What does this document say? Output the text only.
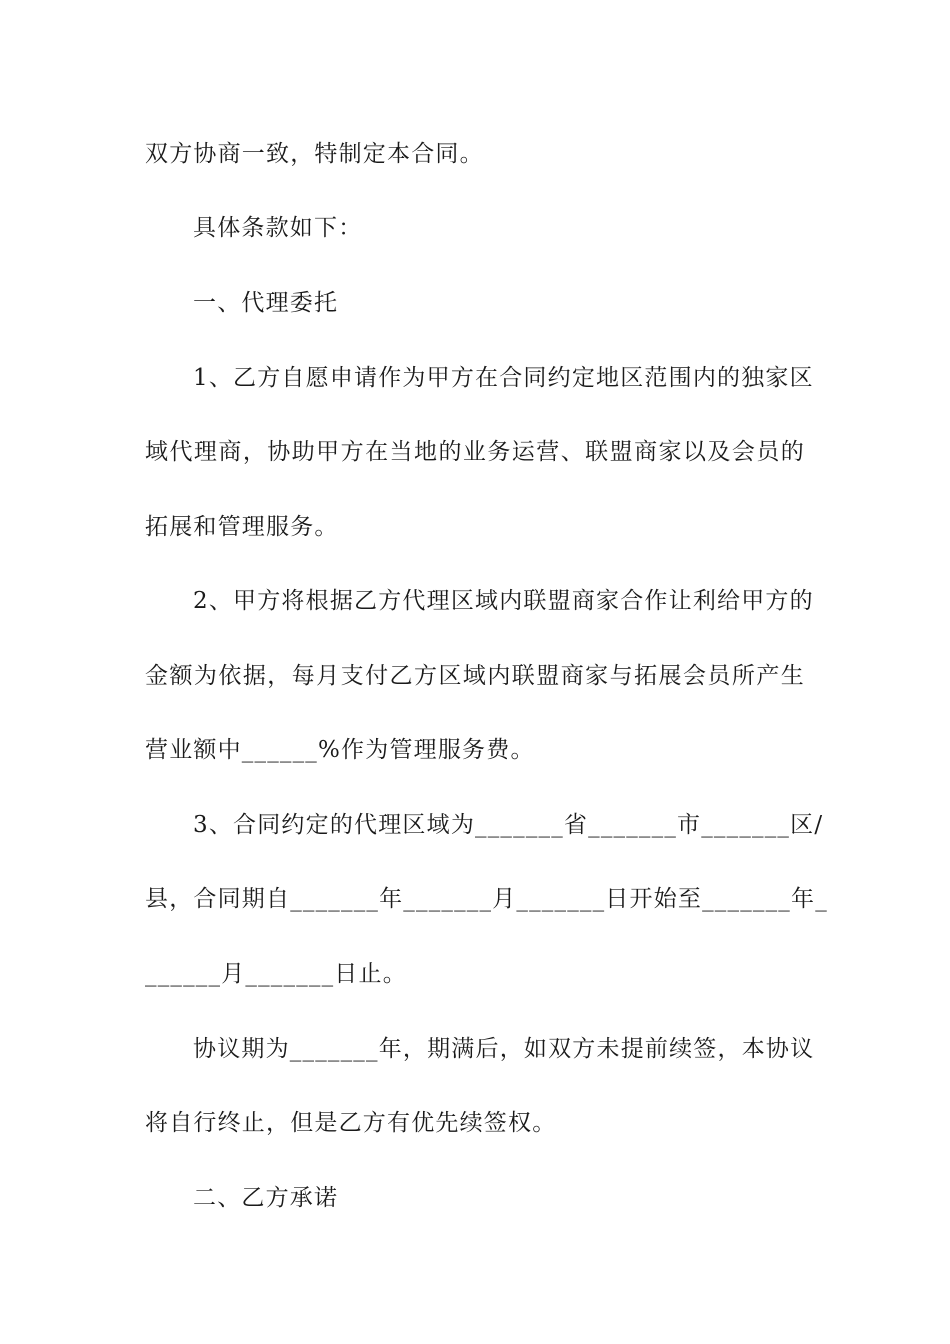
双方协商一致，特制定本合同。
具体条款如下：
一、代理委托
1、乙方自愿申请作为甲方在合同约定地区范围内的独家区
域代理商，协助甲方在当地的业务运营、联盟商家以及会员的
拓展和管理服务。
2、甲方将根据乙方代理区域内联盟商家合作让利给甲方的
金额为依据，每月支付乙方区域内联盟商家与拓展会员所产生
营业额中______%作为管理服务费。
3、合同约定的代理区域为_______省_______市_______区/
县，合同期自_______年_______月_______日开始至_______年_
______月_______日止。
协议期为_______年，期满后，如双方未提前续签，本协议
将自行终止，但是乙方有优先续签权。
二、乙方承诺
